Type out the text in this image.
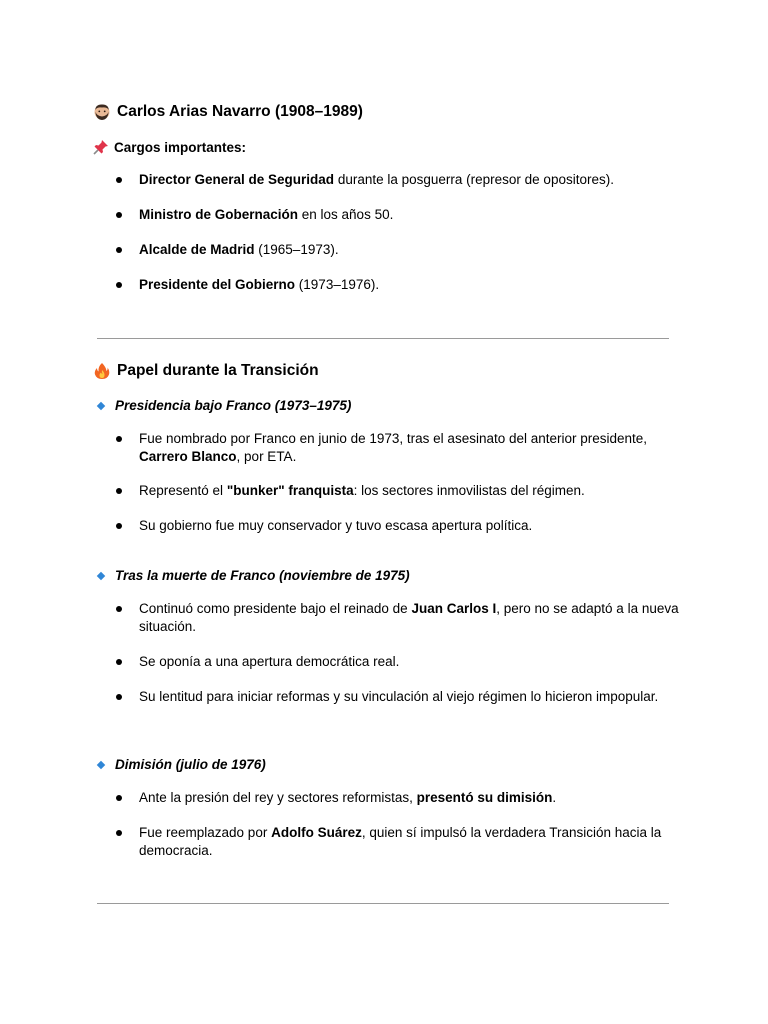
Carlos Arias Navarro (1908–1989)
Cargos importantes:
Director General de Seguridad durante la posguerra (represor de opositores).
Ministro de Gobernación en los años 50.
Alcalde de Madrid (1965–1973).
Presidente del Gobierno (1973–1976).
Papel durante la Transición
Presidencia bajo Franco (1973–1975)
Fue nombrado por Franco en junio de 1973, tras el asesinato del anterior presidente, Carrero Blanco, por ETA.
Representó el "bunker" franquista: los sectores inmovilistas del régimen.
Su gobierno fue muy conservador y tuvo escasa apertura política.
Tras la muerte de Franco (noviembre de 1975)
Continuó como presidente bajo el reinado de Juan Carlos I, pero no se adaptó a la nueva situación.
Se oponía a una apertura democrática real.
Su lentitud para iniciar reformas y su vinculación al viejo régimen lo hicieron impopular.
Dimisión (julio de 1976)
Ante la presión del rey y sectores reformistas, presentó su dimisión.
Fue reemplazado por Adolfo Suárez, quien sí impulsó la verdadera Transición hacia la democracia.
